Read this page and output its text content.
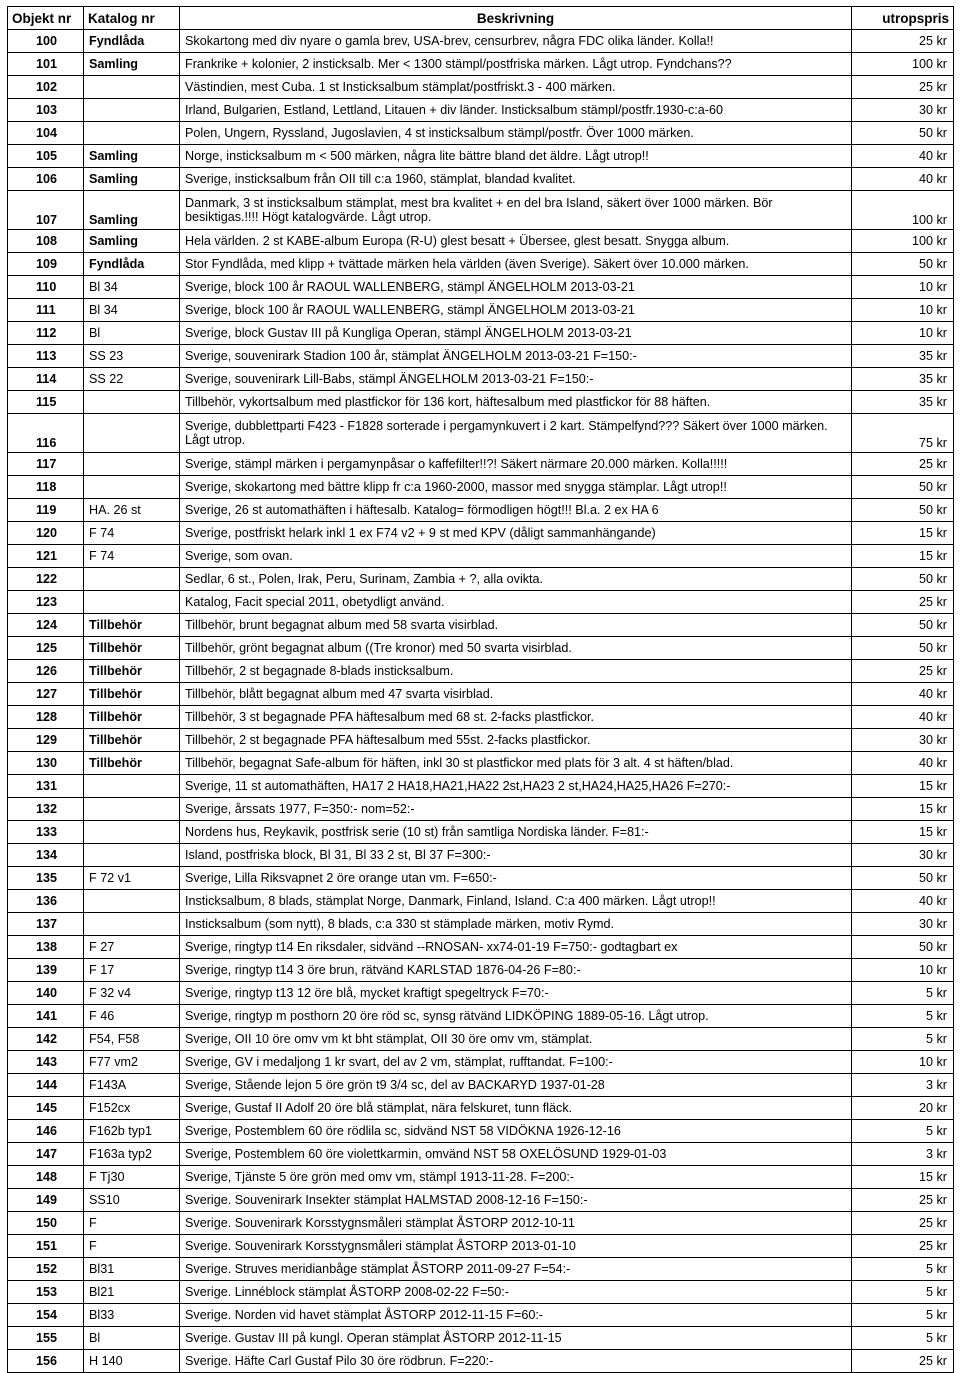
Objekt nr	Katalog nr	Beskrivning	utropspris
100	Fyndlåda	Skokartong med div nyare o gamla brev, USA-brev, censurbrev, några FDC olika länder. Kolla!!	25 kr
101	Samling	Frankrike + kolonier, 2 insticksalb. Mer < 1300 stämpl/postfriska märken. Lågt utrop. Fyndchans??	100 kr
102		Västindien, mest Cuba. 1 st Insticksalbum stämplat/postfriskt.3 - 400 märken.	25 kr
103		Irland, Bulgarien, Estland, Lettland, Litauen + div länder. Insticksalbum stämpl/postfr.1930-c:a-60	30 kr
104		Polen, Ungern, Ryssland, Jugoslavien, 4 st insticksalbum stämpl/postfr. Över 1000 märken.	50 kr
105	Samling	Norge, insticksalbum m < 500 märken, några lite bättre bland det äldre. Lågt utrop!!	40 kr
106	Samling	Sverige, insticksalbum från OII till c:a 1960, stämplat, blandad kvalitet.	40 kr
107	Samling	Danmark, 3 st insticksalbum stämplat, mest bra kvalitet + en del bra Island, säkert över 1000 märken. Bör besiktigas.!!!! Högt katalogvärde. Lågt utrop.	100 kr
108	Samling	Hela världen. 2 st KABE-album Europa (R-U) glest besatt + Übersee, glest besatt. Snygga album.	100 kr
109	Fyndlåda	Stor Fyndlåda, med klipp + tvättade märken hela världen (även Sverige). Säkert över 10.000 märken.	50 kr
110	Bl 34	Sverige, block 100 år RAOUL WALLENBERG, stämpl ÄNGELHOLM 2013-03-21	10 kr
111	Bl 34	Sverige, block 100 år RAOUL WALLENBERG, stämpl ÄNGELHOLM 2013-03-21	10 kr
112	Bl	Sverige, block Gustav III på Kungliga Operan, stämpl ÄNGELHOLM 2013-03-21	10 kr
113	SS 23	Sverige, souvenirark Stadion 100 år, stämplat ÄNGELHOLM 2013-03-21 F=150:-	35 kr
114	SS 22	Sverige, souvenirark Lill-Babs, stämpl ÄNGELHOLM 2013-03-21 F=150:-	35 kr
115		Tillbehör, vykortsalbum med plastfickor för 136 kort, häftesalbum med plastfickor för 88 häften.	35 kr
116		Sverige, dubblettparti F423 - F1828 sorterade i pergamynkuvert i 2 kart. Stämpelfynd??? Säkert över 1000 märken. Lågt utrop.	75 kr
117		Sverige, stämpl märken i pergamynpåsar o kaffefilter!!?! Säkert närmare 20.000 märken. Kolla!!!!!	25 kr
118		Sverige, skokartong med bättre klipp fr c:a 1960-2000, massor med snygga stämplar. Lågt utrop!!	50 kr
119	HA. 26 st	Sverige, 26 st automathäften i häftesalb. Katalog= förmodligen högt!!! Bl.a. 2 ex HA 6	50 kr
120	F 74	Sverige, postfriskt helark inkl 1 ex F74 v2 + 9 st med KPV (dåligt sammanhängande)	15 kr
121	F 74	Sverige, som ovan.	15 kr
122		Sedlar, 6 st., Polen, Irak, Peru, Surinam, Zambia + ?, alla ovikta.	50 kr
123		Katalog, Facit special 2011, obetydligt använd.	25 kr
124	Tillbehör	Tillbehör, brunt begagnat album med 58 svarta visirblad.	50 kr
125	Tillbehör	Tillbehör, grönt begagnat album ((Tre kronor) med 50 svarta visirblad.	50 kr
126	Tillbehör	Tillbehör, 2 st begagnade 8-blads insticksalbum.	25 kr
127	Tillbehör	Tillbehör, blått begagnat album med 47 svarta visirblad.	40 kr
128	Tillbehör	Tillbehör, 3 st begagnade PFA häftesalbum med 68 st. 2-facks plastfickor.	40 kr
129	Tillbehör	Tillbehör, 2 st begagnade PFA häftesalbum med 55st. 2-facks plastfickor.	30 kr
130	Tillbehör	Tillbehör, begagnat Safe-album för häften, inkl 30 st plastfickor med plats för 3 alt. 4 st häften/blad.	40 kr
131		Sverige, 11 st automathäften, HA17 2 HA18,HA21,HA22 2st,HA23 2 st,HA24,HA25,HA26 F=270:-	15 kr
132		Sverige, årssats 1977, F=350:- nom=52:-	15 kr
133		Nordens hus, Reykavik, postfrisk serie (10 st) från samtliga Nordiska länder. F=81:-	15 kr
134		Island, postfriska block, Bl 31, Bl 33 2 st, Bl 37 F=300:-	30 kr
135	F 72 v1	Sverige, Lilla Riksvapnet 2 öre orange utan vm. F=650:-	50 kr
136		Insticksalbum, 8 blads, stämplat Norge, Danmark, Finland, Island. C:a 400 märken. Lågt utrop!!	40 kr
137		Insticksalbum (som nytt), 8 blads, c:a 330 st stämplade märken, motiv Rymd.	30 kr
138	F 27	Sverige, ringtyp t14 En riksdaler, sidvänd --RNOSAN- xx74-01-19 F=750:- godtagbart ex	50 kr
139	F 17	Sverige, ringtyp t14 3 öre brun, rätvänd KARLSTAD 1876-04-26 F=80:-	10 kr
140	F 32 v4	Sverige, ringtyp t13 12 öre blå, mycket kraftigt spegeltryck F=70:-	5 kr
141	F 46	Sverige, ringtyp m posthorn 20 öre röd sc, synsg rätvänd LIDKÖPING 1889-05-16. Lågt utrop.	5 kr
142	F54, F58	Sverige, OII 10 öre omv vm kt bht stämplat, OII 30 öre omv vm, stämplat.	5 kr
143	F77 vm2	Sverige, GV i medaljong 1 kr svart, del av 2 vm, stämplat, rufftandat. F=100:-	10 kr
144	F143A	Sverige, Stående lejon 5 öre grön t9 3/4 sc, del av BACKARYD 1937-01-28	3 kr
145	F152cx	Sverige, Gustaf II Adolf 20 öre blå stämplat, nära felskuret, tunn fläck.	20 kr
146	F162b typ1	Sverige, Postemblem 60 öre rödlila sc, sidvänd NST 58 VIDÖKNA 1926-12-16	5 kr
147	F163a typ2	Sverige, Postemblem 60 öre violettkarmin, omvänd NST 58 OXELÖSUND 1929-01-03	3 kr
148	F Tj30	Sverige, Tjänste 5 öre grön med omv vm, stämpl 1913-11-28. F=200:-	15 kr
149	SS10	Sverige. Souvenirark Insekter stämplat HALMSTAD 2008-12-16 F=150:-	25 kr
150	F	Sverige. Souvenirark Korsstygnsmåleri stämplat ÅSTORP 2012-10-11	25 kr
151	F	Sverige. Souvenirark Korsstygnsmåleri stämplat ÅSTORP 2013-01-10	25 kr
152	Bl31	Sverige. Struves meridianbåge stämplat ÅSTORP 2011-09-27 F=54:-	5 kr
153	Bl21	Sverige. Linnéblock stämplat ÅSTORP 2008-02-22 F=50:-	5 kr
154	Bl33	Sverige. Norden vid havet stämplat ÅSTORP 2012-11-15 F=60:-	5 kr
155	Bl	Sverige. Gustav III på kungl. Operan stämplat ÅSTORP 2012-11-15	5 kr
156	H 140	Sverige. Häfte Carl Gustaf Pilo 30 öre rödbrun. F=220:-	25 kr
